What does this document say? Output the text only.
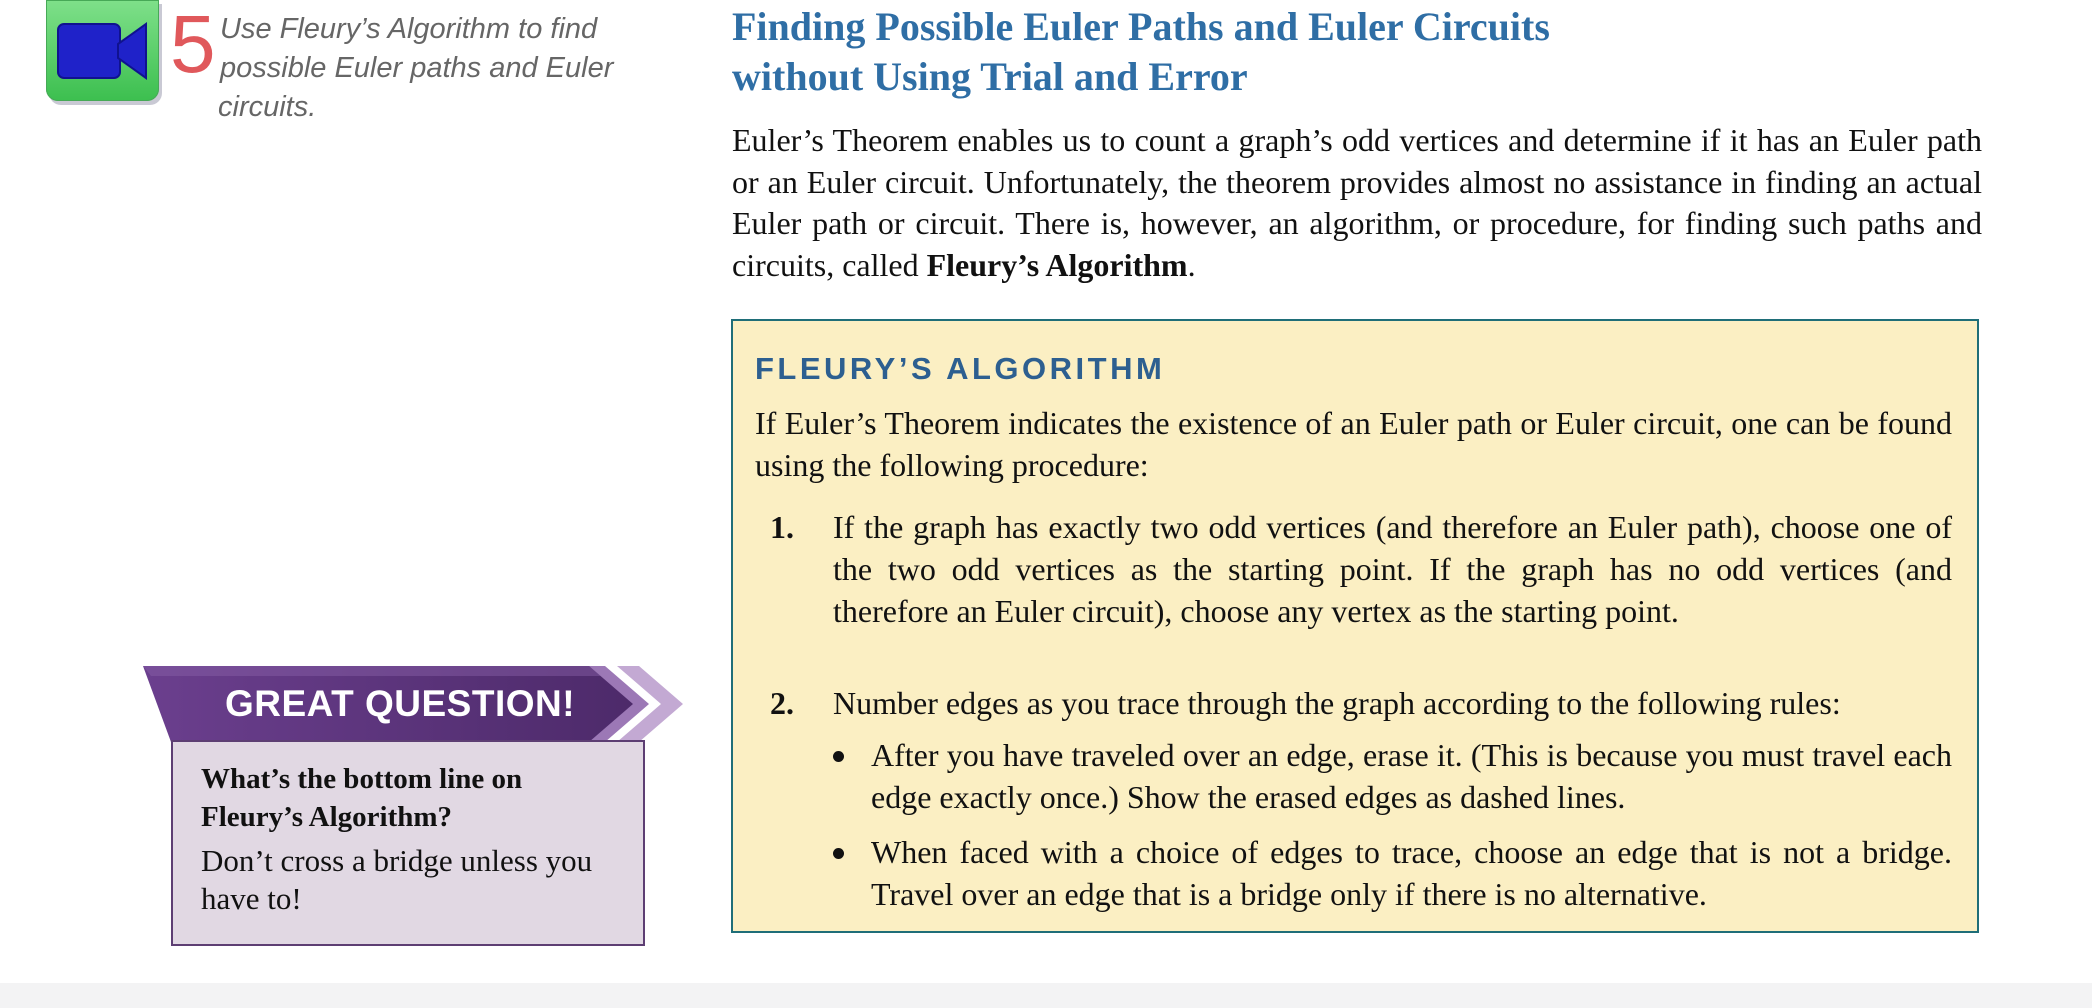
5 Use Fleury’s Algorithm to find
possible Euler paths and Euler
circuits.
Finding Possible Euler Paths and Euler Circuits
without Using Trial and Error
Euler’s Theorem enables us to count a graph’s odd vertices and determine if it has an Euler path or an Euler circuit. Unfortunately, the theorem provides almost no assistance in finding an actual Euler path or circuit. There is, however, an algorithm, or procedure, for finding such paths and circuits, called Fleury’s Algorithm.
FLEURY’S ALGORITHM
If Euler’s Theorem indicates the existence of an Euler path or Euler circuit, one can be found using the following procedure:
1. If the graph has exactly two odd vertices (and therefore an Euler path), choose one of the two odd vertices as the starting point. If the graph has no odd vertices (and therefore an Euler circuit), choose any vertex as the starting point.
2. Number edges as you trace through the graph according to the following rules:
After you have traveled over an edge, erase it. (This is because you must travel each edge exactly once.) Show the erased edges as dashed lines.
When faced with a choice of edges to trace, choose an edge that is not a bridge. Travel over an edge that is a bridge only if there is no alternative.
GREAT QUESTION!
What’s the bottom line on Fleury’s Algorithm?
Don’t cross a bridge unless you have to!
